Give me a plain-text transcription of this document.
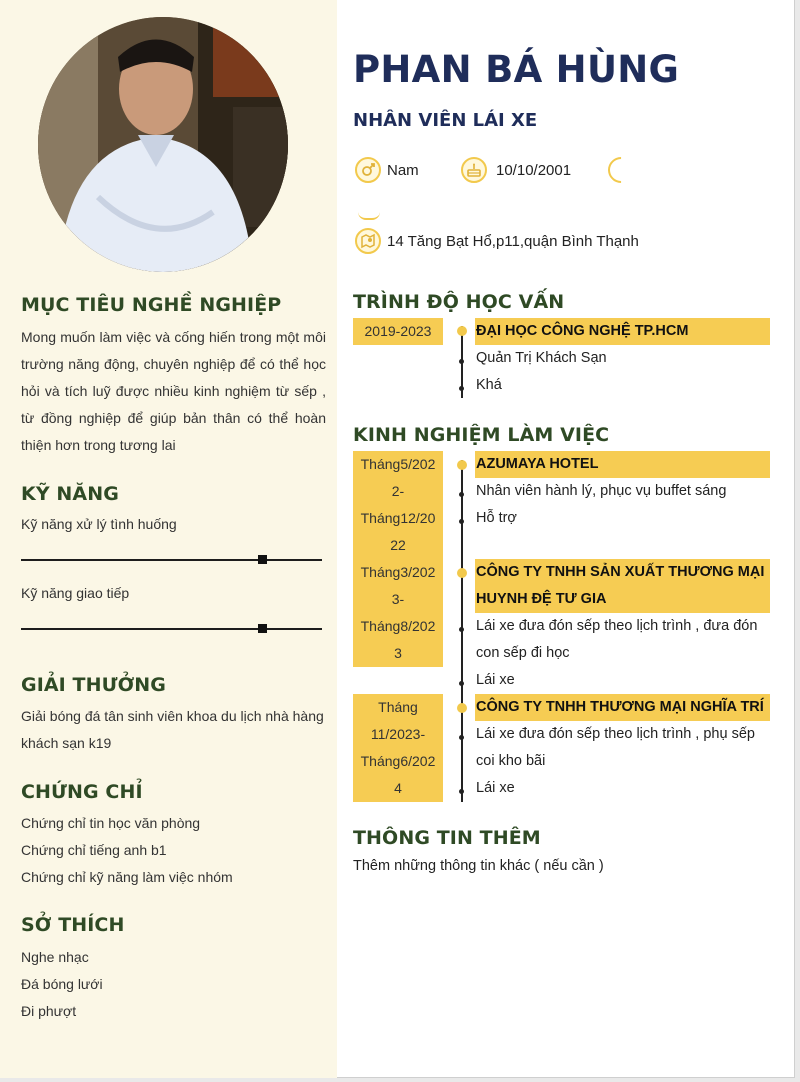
MỤC TIÊU NGHỀ NGHIỆP
Mong muốn làm việc và cống hiến trong một môi trường năng động, chuyên nghiệp để có thể học hỏi và tích luỹ được nhiều kinh nghiệm từ sếp , từ đồng nghiệp để giúp bản thân có thể hoàn thiện hơn trong tương lai
KỸ NĂNG
Kỹ năng xử lý tình huống
Kỹ năng giao tiếp
GIẢI THƯỞNG
Giải bóng đá tân sinh viên khoa du lịch nhà hàng
khách sạn k19
CHỨNG CHỈ
Chứng chỉ tin học văn phòng
Chứng chỉ tiếng anh b1
Chứng chỉ kỹ năng làm việc nhóm
SỞ THÍCH
Nghe nhạc
Đá bóng lưới
Đi phượt
PHAN BÁ HÙNG
NHÂN VIÊN LÁI XE
Nam	10/10/2001
14 Tăng Bạt Hổ,p11,quận Bình Thạnh
TRÌNH ĐỘ HỌC VẤN
2019-2023	ĐẠI HỌC CÔNG NGHỆ TP.HCM
Quản Trị Khách Sạn
Khá
KINH NGHIỆM LÀM VIỆC
Tháng5/202
2-
Tháng12/20
22
AZUMAYA HOTEL
Nhân viên hành lý, phục vụ buffet sáng
Hỗ trợ
Tháng3/202
3-
Tháng8/202
3
CÔNG TY TNHH SẢN XUẤT THƯƠNG MẠI
HUYNH ĐỆ TƯ GIA
Lái xe đưa đón sếp theo lịch trình , đưa đón
con sếp đi học
Lái xe
Tháng
11/2023-
Tháng6/202
4
CÔNG TY TNHH THƯƠNG MẠI NGHĨA TRÍ
Lái xe đưa đón sếp theo lịch trình , phụ sếp
coi kho bãi
Lái xe
THÔNG TIN THÊM
Thêm những thông tin khác ( nếu cần )
